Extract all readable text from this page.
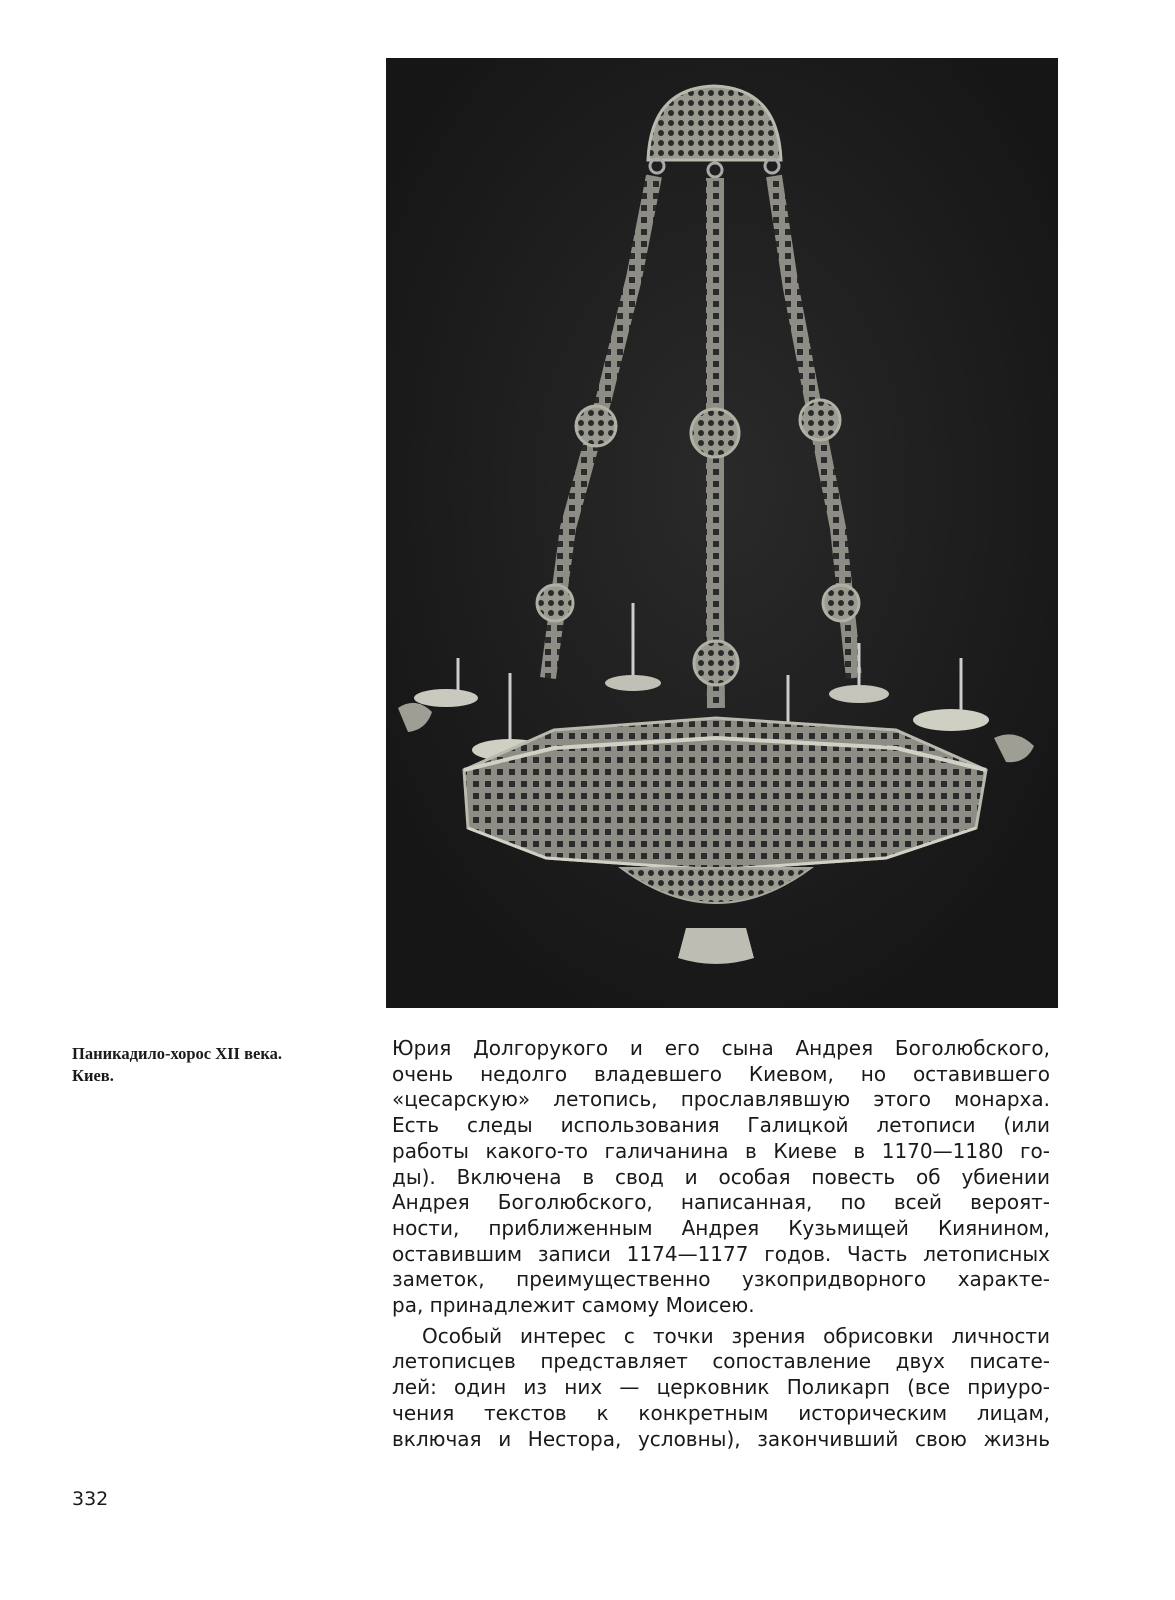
Паникадило-хорос XII века.
Киев.

Юрия Долгорукого и его сына Андрея Боголюбского,
очень недолго владевшего Киевом, но оставившего
«цесарскую» летопись, прославлявшую этого монарха.
Есть следы использования Галицкой летописи (или
работы какого-то галичанина в Киеве в 1170—1180 го-
ды). Включена в свод и особая повесть об убиении
Андрея Боголюбского, написанная, по всей вероят-
ности, приближенным Андрея Кузьмищей Киянином,
оставившим записи 1174—1177 годов. Часть летописных
заметок, преимущественно узкопридворного характе-
ра, принадлежит самому Моисею.

Особый интерес с точки зрения обрисовки личности
летописцев представляет сопоставление двух писате-
лей: один из них — церковник Поликарп (все приуро-
чения текстов к конкретным историческим лицам,
включая и Нестора, условны), закончивший свою жизнь

332
